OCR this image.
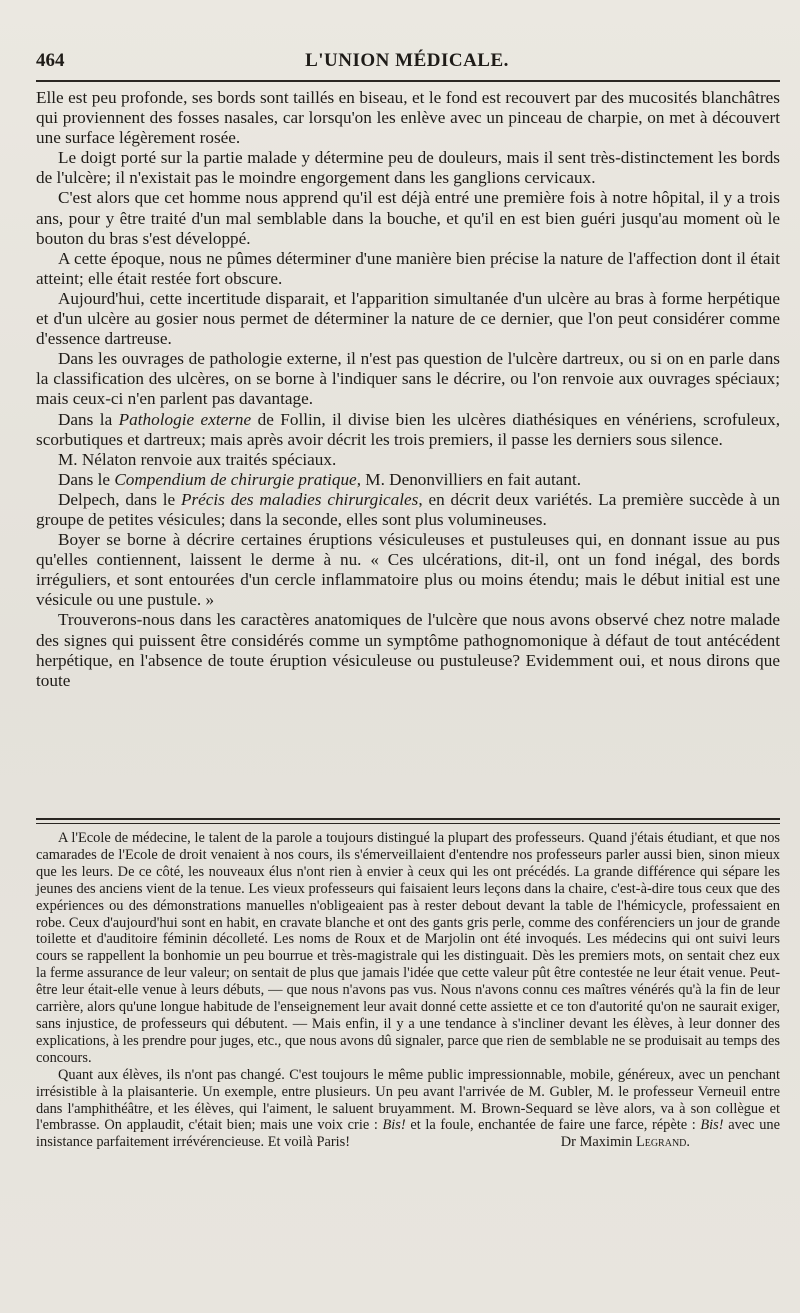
464	L'UNION MÉDICALE.

Elle est peu profonde, ses bords sont taillés en biseau, et le fond est recouvert par des mucosités blanchâtres qui proviennent des fosses nasales, car lorsqu'on les enlève avec un pinceau de charpie, on met à découvert une surface légèrement rosée.

Le doigt porté sur la partie malade y détermine peu de douleurs, mais il sent très-distinctement les bords de l'ulcère; il n'existait pas le moindre engorgement dans les ganglions cervicaux.

C'est alors que cet homme nous apprend qu'il est déjà entré une première fois à notre hôpital, il y a trois ans, pour y être traité d'un mal semblable dans la bouche, et qu'il en est bien guéri jusqu'au moment où le bouton du bras s'est développé.

A cette époque, nous ne pûmes déterminer d'une manière bien précise la nature de l'affection dont il était atteint; elle était restée fort obscure.

Aujourd'hui, cette incertitude disparait, et l'apparition simultanée d'un ulcère au bras à forme herpétique et d'un ulcère au gosier nous permet de déterminer la nature de ce dernier, que l'on peut considérer comme d'essence dartreuse.

Dans les ouvrages de pathologie externe, il n'est pas question de l'ulcère dartreux, ou si on en parle dans la classification des ulcères, on se borne à l'indiquer sans le décrire, ou l'on renvoie aux ouvrages spéciaux; mais ceux-ci n'en parlent pas davantage.

Dans la Pathologie externe de Follin, il divise bien les ulcères diathésiques en vénériens, scrofuleux, scorbutiques et dartreux; mais après avoir décrit les trois premiers, il passe les derniers sous silence.

M. Nélaton renvoie aux traités spéciaux.

Dans le Compendium de chirurgie pratique, M. Denonvilliers en fait autant.

Delpech, dans le Précis des maladies chirurgicales, en décrit deux variétés. La première succède à un groupe de petites vésicules; dans la seconde, elles sont plus volumineuses.

Boyer se borne à décrire certaines éruptions vésiculeuses et pustuleuses qui, en donnant issue au pus qu'elles contiennent, laissent le derme à nu. « Ces ulcérations, dit-il, ont un fond inégal, des bords irréguliers, et sont entourées d'un cercle inflammatoire plus ou moins étendu; mais le début initial est une vésicule ou une pustule. »

Trouverons-nous dans les caractères anatomiques de l'ulcère que nous avons observé chez notre malade des signes qui puissent être considérés comme un symptôme pathognomonique à défaut de tout antécédent herpétique, en l'absence de toute éruption vésiculeuse ou pustuleuse? Evidemment oui, et nous dirons que toute

A l'Ecole de médecine, le talent de la parole a toujours distingué la plupart des professeurs. Quand j'étais étudiant, et que nos camarades de l'Ecole de droit venaient à nos cours, ils s'émerveillaient d'entendre nos professeurs parler aussi bien, sinon mieux que les leurs. De ce côté, les nouveaux élus n'ont rien à envier à ceux qui les ont précédés. La grande différence qui sépare les jeunes des anciens vient de la tenue. Les vieux professeurs qui faisaient leurs leçons dans la chaire, c'est-à-dire tous ceux que des expériences ou des démonstrations manuelles n'obligeaient pas à rester debout devant la table de l'hémicycle, professaient en robe. Ceux d'aujourd'hui sont en habit, en cravate blanche et ont des gants gris perle, comme des conférenciers un jour de grande toilette et d'auditoire féminin décolleté. Les noms de Roux et de Marjolin ont été invoqués. Les médecins qui ont suivi leurs cours se rappellent la bonhomie un peu bourrue et très-magistrale qui les distinguait. Dès les premiers mots, on sentait chez eux la ferme assurance de leur valeur; on sentait de plus que jamais l'idée que cette valeur pût être contestée ne leur était venue. Peut-être leur était-elle venue à leurs débuts, — que nous n'avons pas vus. Nous n'avons connu ces maîtres vénérés qu'à la fin de leur carrière, alors qu'une longue habitude de l'enseignement leur avait donné cette assiette et ce ton d'autorité qu'on ne saurait exiger, sans injustice, de professeurs qui débutent. — Mais enfin, il y a une tendance à s'incliner devant les élèves, à leur donner des explications, à les prendre pour juges, etc., que nous avons dû signaler, parce que rien de semblable ne se produisait au temps des concours.

Quant aux élèves, ils n'ont pas changé. C'est toujours le même public impressionnable, mobile, généreux, avec un penchant irrésistible à la plaisanterie. Un exemple, entre plusieurs. Un peu avant l'arrivée de M. Gubler, M. le professeur Verneuil entre dans l'amphithéâtre, et les élèves, qui l'aiment, le saluent bruyamment. M. Brown-Sequard se lève alors, va à son collègue et l'embrasse. On applaudit, c'était bien; mais une voix crie : Bis! et la foule, enchantée de faire une farce, répète : Bis! avec une insistance parfaitement irrévérencieuse. Et voilà Paris!	Dr Maximin Legrand.
